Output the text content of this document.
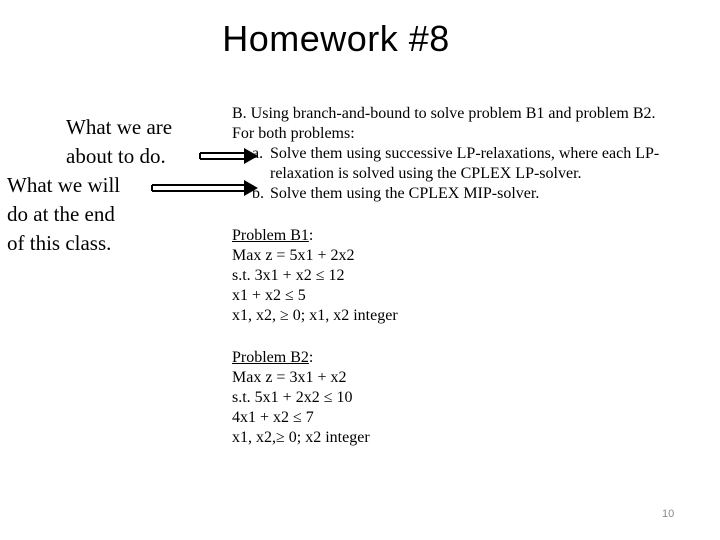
Homework #8
What we are
about to do.
What we will
do at the end
of this class.
B. Using branch-and-bound to solve problem B1 and problem B2.
For both problems:
a. Solve them using successive LP-relaxations, where each LP-
relaxation is solved using the CPLEX LP-solver.
b. Solve them using the CPLEX MIP-solver.
Problem B1:
Max z = 5x1 + 2x2
s.t. 3x1 + x2 ≤ 12
x1 + x2 ≤ 5
x1, x2, ≥ 0; x1, x2 integer
Problem B2:
Max z = 3x1 + x2
s.t. 5x1 + 2x2 ≤ 10
4x1 + x2 ≤ 7
x1, x2,≥ 0; x2 integer
10
